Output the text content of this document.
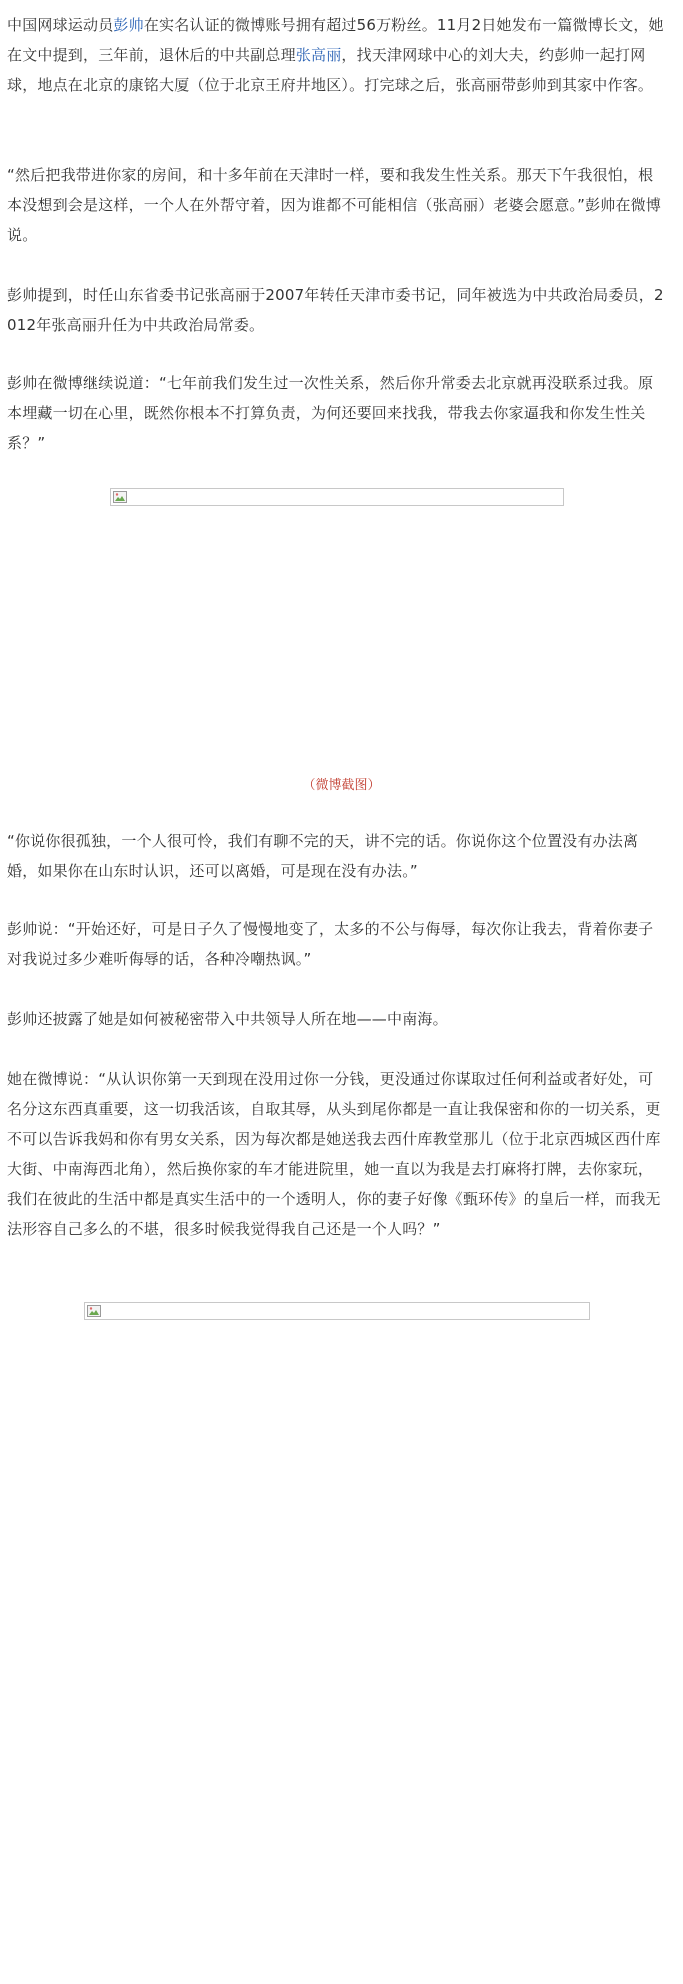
中国网球运动员彭帅在实名认证的微博账号拥有超过56万粉丝。11月2日她发布一篇微博长文，她在文中提到，三年前，退休后的中共副总理张高丽，找天津网球中心的刘大夫，约彭帅一起打网球，地点在北京的康铭大厦（位于北京王府井地区）。打完球之后，张高丽带彭帅到其家中作客。

“然后把我带进你家的房间，和十多年前在天津时一样，要和我发生性关系。那天下午我很怕，根本没想到会是这样，一个人在外帮守着，因为谁都不可能相信（张高丽）老婆会愿意。”彭帅在微博说。

彭帅提到，时任山东省委书记张高丽于2007年转任天津市委书记，同年被选为中共政治局委员，2012年张高丽升任为中共政治局常委。

彭帅在微博继续说道：“七年前我们发生过一次性关系，然后你升常委去北京就再没联系过我。原本埋藏一切在心里，既然你根本不打算负责，为何还要回来找我，带我去你家逼我和你发生性关系？”

（微博截图）

“你说你很孤独，一个人很可怜，我们有聊不完的天，讲不完的话。你说你这个位置没有办法离婚，如果你在山东时认识，还可以离婚，可是现在没有办法。”

彭帅说：“开始还好，可是日子久了慢慢地变了，太多的不公与侮辱，每次你让我去，背着你妻子对我说过多少难听侮辱的话，各种冷嘲热讽。”

彭帅还披露了她是如何被秘密带入中共领导人所在地——中南海。

她在微博说：“从认识你第一天到现在没用过你一分钱，更没通过你谋取过任何利益或者好处，可名分这东西真重要，这一切我活该，自取其辱，从头到尾你都是一直让我保密和你的一切关系，更不可以告诉我妈和你有男女关系，因为每次都是她送我去西什库教堂那儿（位于北京西城区西什库大街、中南海西北角），然后换你家的车才能进院里，她一直以为我是去打麻将打牌，去你家玩，我们在彼此的生活中都是真实生活中的一个透明人，你的妻子好像《甄环传》的皇后一样，而我无法形容自己多么的不堪，很多时候我觉得我自己还是一个人吗？”
